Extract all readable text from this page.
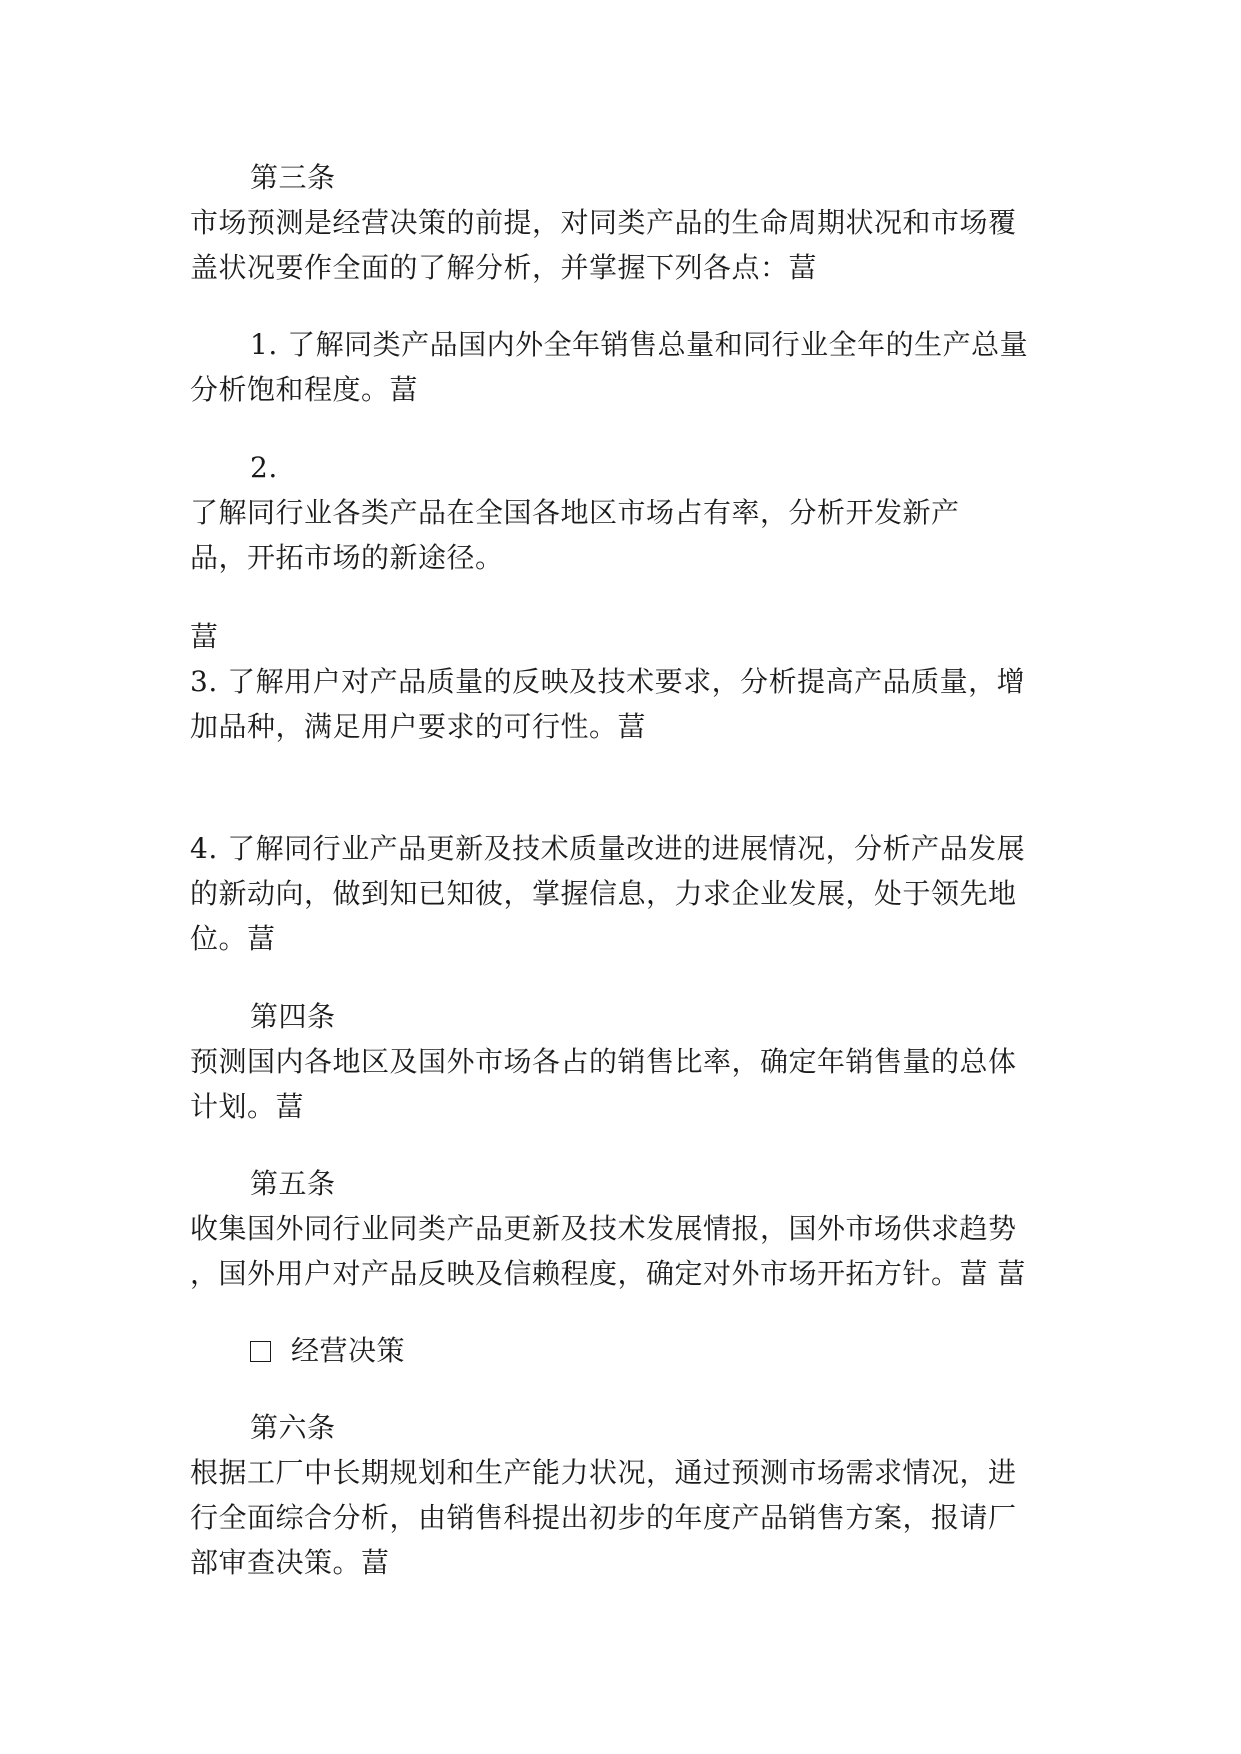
第三条

市场预测是经营决策的前提，对同类产品的生命周期状况和市场覆

盖状况要作全面的了解分析，并掌握下列各点：葍

1. 了解同类产品国内外全年销售总量和同行业全年的生产总量

分析饱和程度。葍

2.

了解同行业各类产品在全国各地区市场占有率，分析开发新产

品，开拓市场的新途径。

葍

3. 了解用户对产品质量的反映及技术要求，分析提高产品质量，增

加品种，满足用户要求的可行性。葍

4. 了解同行业产品更新及技术质量改进的进展情况，分析产品发展

的新动向，做到知已知彼，掌握信息，力求企业发展，处于领先地

位。葍

第四条

预测国内各地区及国外市场各占的销售比率，确定年销售量的总体

计划。葍

第五条

收集国外同行业同类产品更新及技术发展情报，国外市场供求趋势

，国外用户对产品反映及信赖程度，确定对外市场开拓方针。葍 葍

经营决策

第六条

根据工厂中长期规划和生产能力状况，通过预测市场需求情况，进

行全面综合分析，由销售科提出初步的年度产品销售方案，报请厂

部审查决策。葍
